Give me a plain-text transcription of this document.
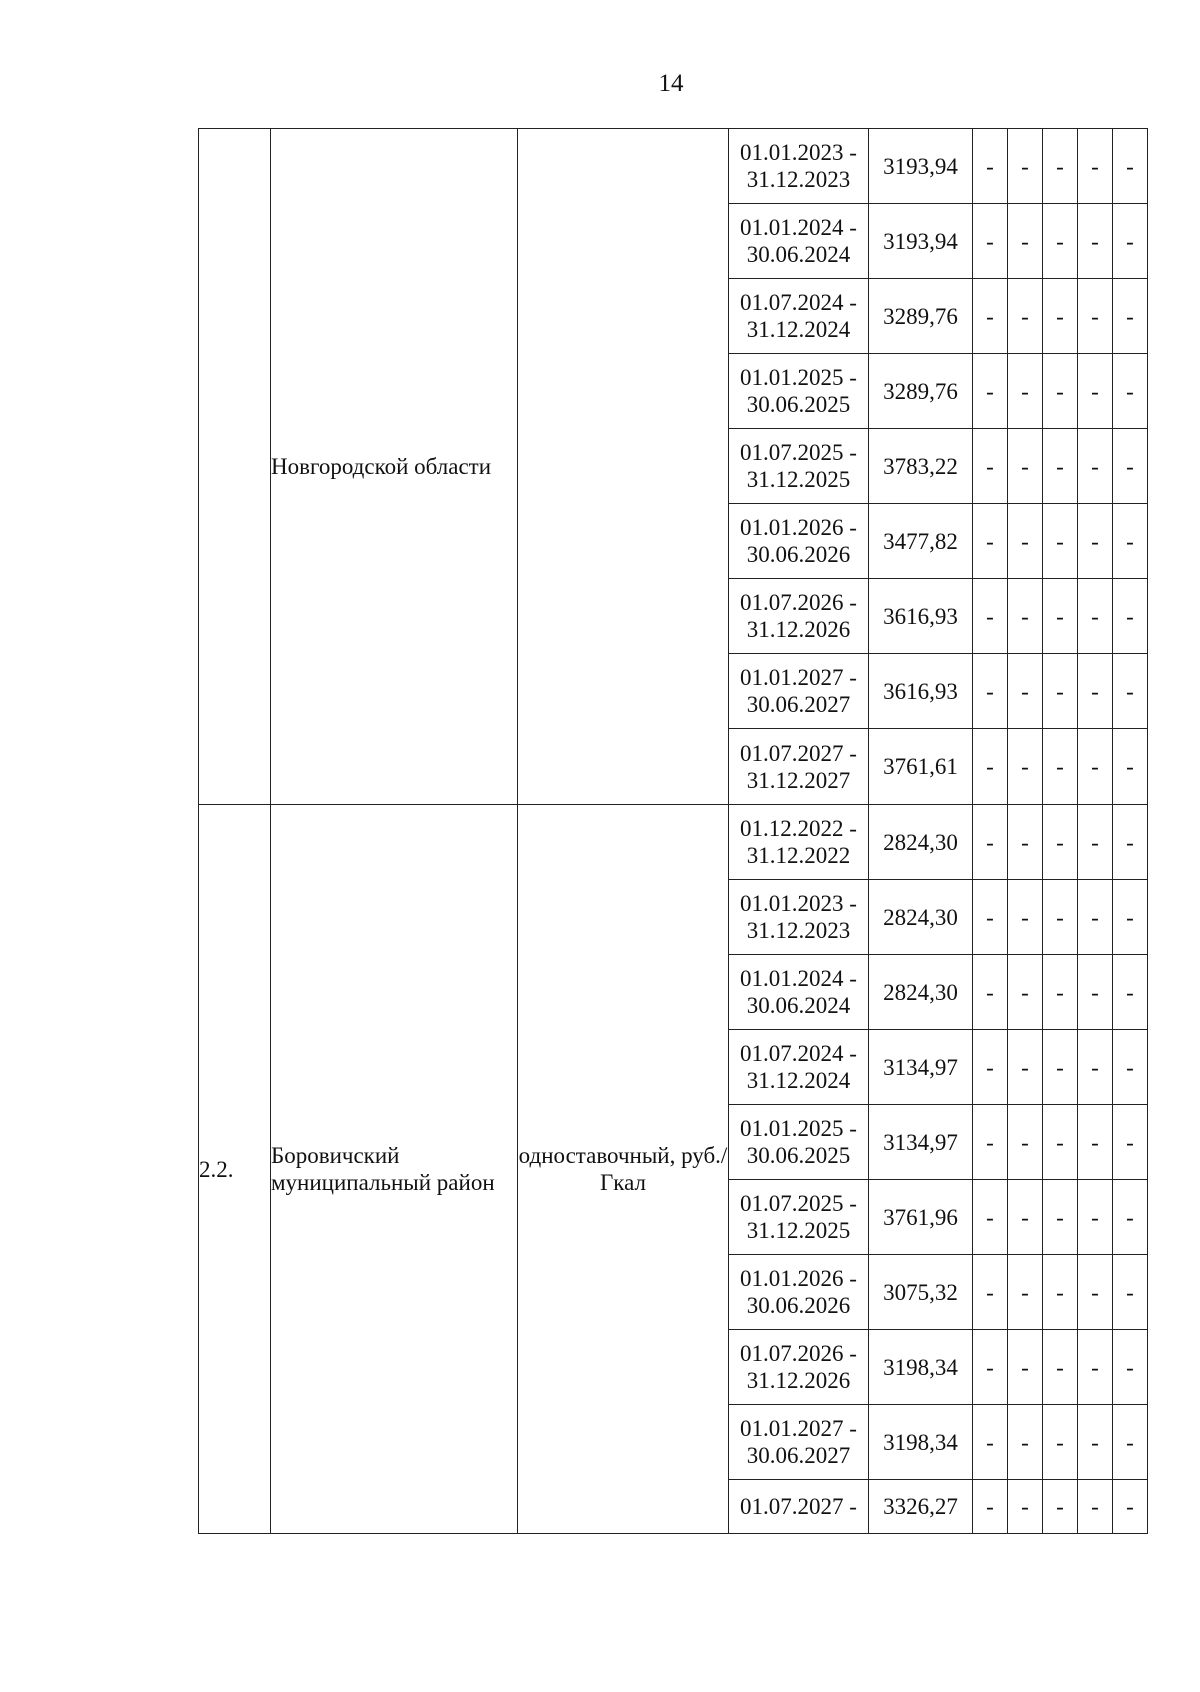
14
	Новгородской области		01.01.2023 -
31.12.2023	3193,94	-	-	-	-	-

			01.01.2024 -
30.06.2024	3193,94	-	-	-	-	-

			01.07.2024 -
31.12.2024	3289,76	-	-	-	-	-

			01.01.2025 -
30.06.2025	3289,76	-	-	-	-	-

			01.07.2025 -
31.12.2025	3783,22	-	-	-	-	-

			01.01.2026 -
30.06.2026	3477,82	-	-	-	-	-

			01.07.2026 -
31.12.2026	3616,93	-	-	-	-	-

			01.01.2027 -
30.06.2027	3616,93	-	-	-	-	-

			01.07.2027 -
31.12.2027	3761,61	-	-	-	-	-
2.2.	Боровичский муниципальный район	одноставочный, руб./Гкал	01.12.2022 -
31.12.2022	2824,30	-	-	-	-	-

			01.01.2023 -
31.12.2023	2824,30	-	-	-	-	-

			01.01.2024 -
30.06.2024	2824,30	-	-	-	-	-

			01.07.2024 -
31.12.2024	3134,97	-	-	-	-	-

			01.01.2025 -
30.06.2025	3134,97	-	-	-	-	-

			01.07.2025 -
31.12.2025	3761,96	-	-	-	-	-

			01.01.2026 -
30.06.2026	3075,32	-	-	-	-	-

			01.07.2026 -
31.12.2026	3198,34	-	-	-	-	-

			01.01.2027 -
30.06.2027	3198,34	-	-	-	-	-

			01.07.2027 -	3326,27	-	-	-	-	-
